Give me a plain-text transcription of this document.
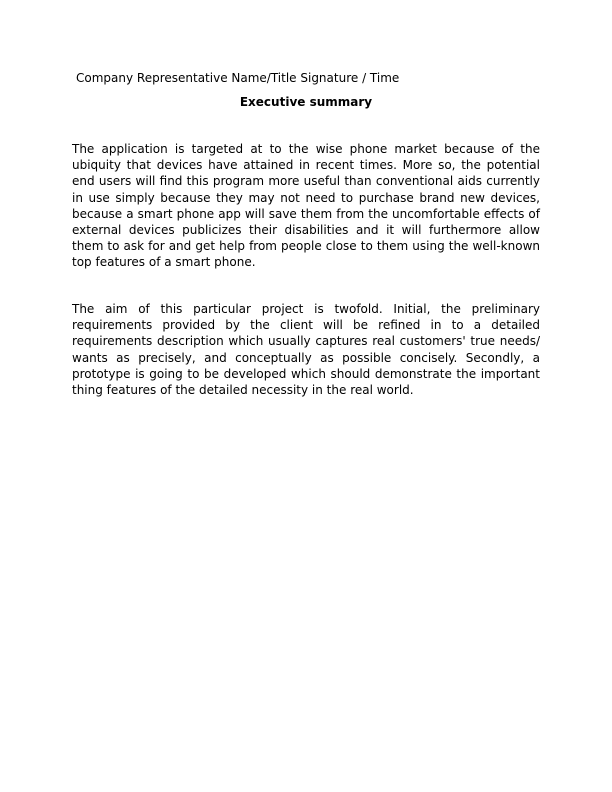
Company Representative Name/Title Signature / Time
Executive summary

The application is targeted at to the wise phone market because of the ubiquity that devices have attained in recent times. More so, the potential end users will find this program more useful than conventional aids currently in use simply because they may not need to purchase brand new devices, because a smart phone app will save them from the uncomfortable effects of external devices publicizes their disabilities and it will furthermore allow them to ask for and get help from people close to them using the well-known top features of a smart phone.

The aim of this particular project is twofold. Initial, the preliminary requirements provided by the client will be refined in to a detailed requirements description which usually captures real customers' true needs/ wants as precisely, and conceptually as possible concisely. Secondly, a prototype is going to be developed which should demonstrate the important thing features of the detailed necessity in the real world.
